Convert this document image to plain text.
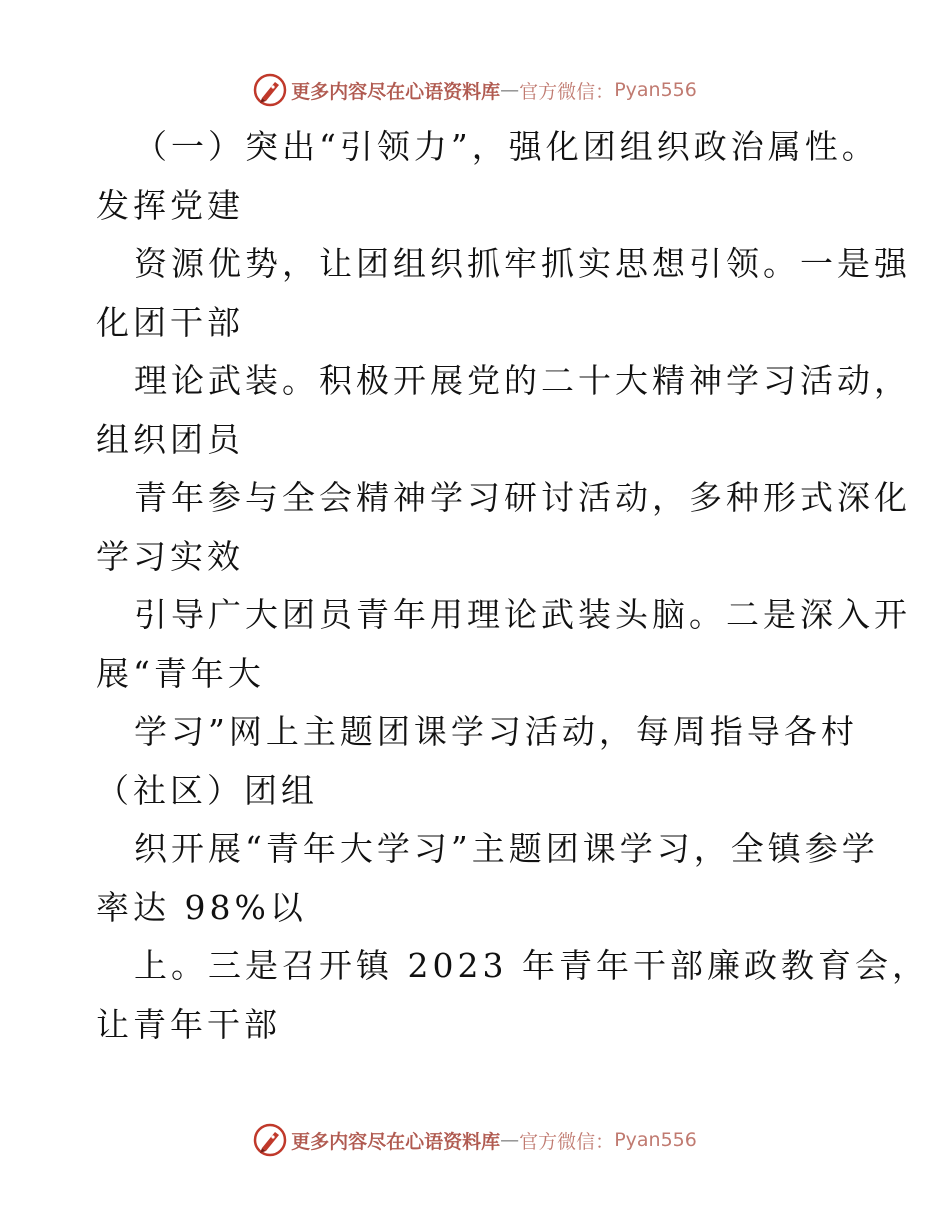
更多内容尽在心语资料库 — 官方微信： Pyan556
（一）突出“引领力”，强化团组织政治属性。
发挥党建
资源优势，让团组织抓牢抓实思想引领。一是强
化团干部
理论武装。积极开展党的二十大精神学习活动，
组织团员
青年参与全会精神学习研讨活动，多种形式深化
学习实效
引导广大团员青年用理论武装头脑。二是深入开
展“青年大
学习”网上主题团课学习活动，每周指导各村
（社区）团组
织开展“青年大学习”主题团课学习，全镇参学
率达 98%以
上。三是召开镇 2023 年青年干部廉政教育会，
让青年干部
更多内容尽在心语资料库 — 官方微信： Pyan556
